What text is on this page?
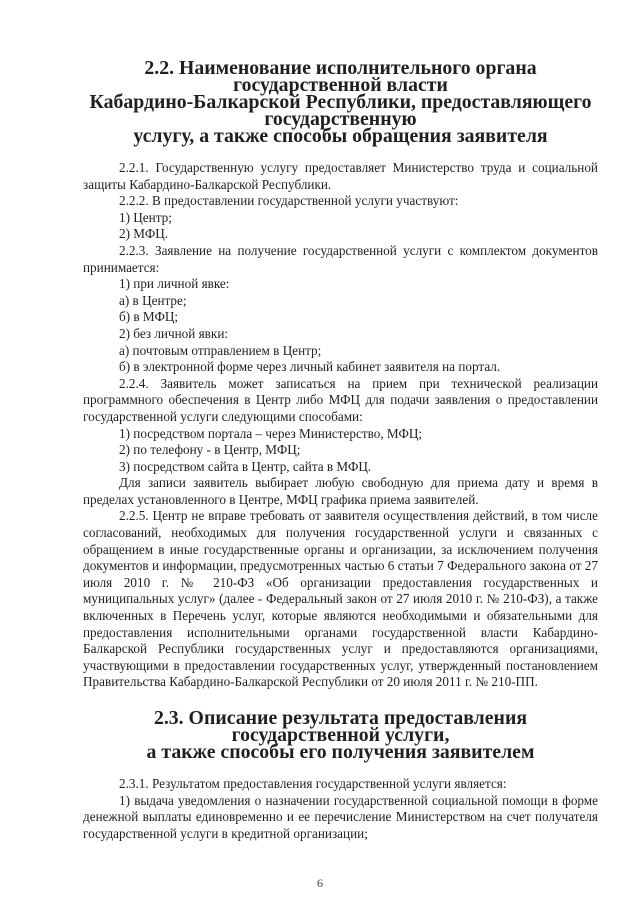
2.2. Наименование исполнительного органа государственной власти
Кабардино-Балкарской Республики, предоставляющего государственную
услугу, а также способы обращения заявителя

2.2.1. Государственную услугу предоставляет Министерство труда и социальной защиты Кабардино-Балкарской Республики.

2.2.2. В предоставлении государственной услуги участвуют:

1) Центр;

2) МФЦ.

2.2.3. Заявление на получение государственной услуги с комплектом документов принимается:

1) при личной явке:

а) в Центре;

б) в МФЦ;

2) без личной явки:

а) почтовым отправлением в Центр;

б) в электронной форме через личный кабинет заявителя на портал.

2.2.4. Заявитель может записаться на прием при технической реализации программного обеспечения в Центр либо МФЦ для подачи заявления о предоставлении государственной услуги следующими способами:

1) посредством портала – через Министерство, МФЦ;

2) по телефону - в Центр, МФЦ;

3) посредством сайта в Центр, сайта в МФЦ.

Для записи заявитель выбирает любую свободную для приема дату и время в пределах установленного в Центре, МФЦ графика приема заявителей.

2.2.5. Центр не вправе требовать от заявителя осуществления действий, в том числе согласований, необходимых для получения государственной услуги и связанных с обращением в иные государственные органы и организации, за исключением получения документов и информации, предусмотренных частью 6 статьи 7 Федерального закона от 27 июля 2010 г. № 210-ФЗ «Об организации предоставления государственных и муниципальных услуг» (далее - Федеральный закон от 27 июля 2010 г. № 210-ФЗ), а также включенных в Перечень услуг, которые являются необходимыми и обязательными для предоставления исполнительными органами государственной власти Кабардино-Балкарской Республики государственных услуг и предоставляются организациями, участвующими в предоставлении государственных услуг, утвержденный постановлением Правительства Кабардино-Балкарской Республики от 20 июля 2011 г. № 210-ПП.

2.3. Описание результата предоставления государственной услуги,
а также способы его получения заявителем

2.3.1. Результатом предоставления государственной услуги является:

1) выдача уведомления о назначении государственной социальной помощи в форме денежной выплаты единовременно и ее перечисление Министерством на счет получателя государственной услуги в кредитной организации;

6
